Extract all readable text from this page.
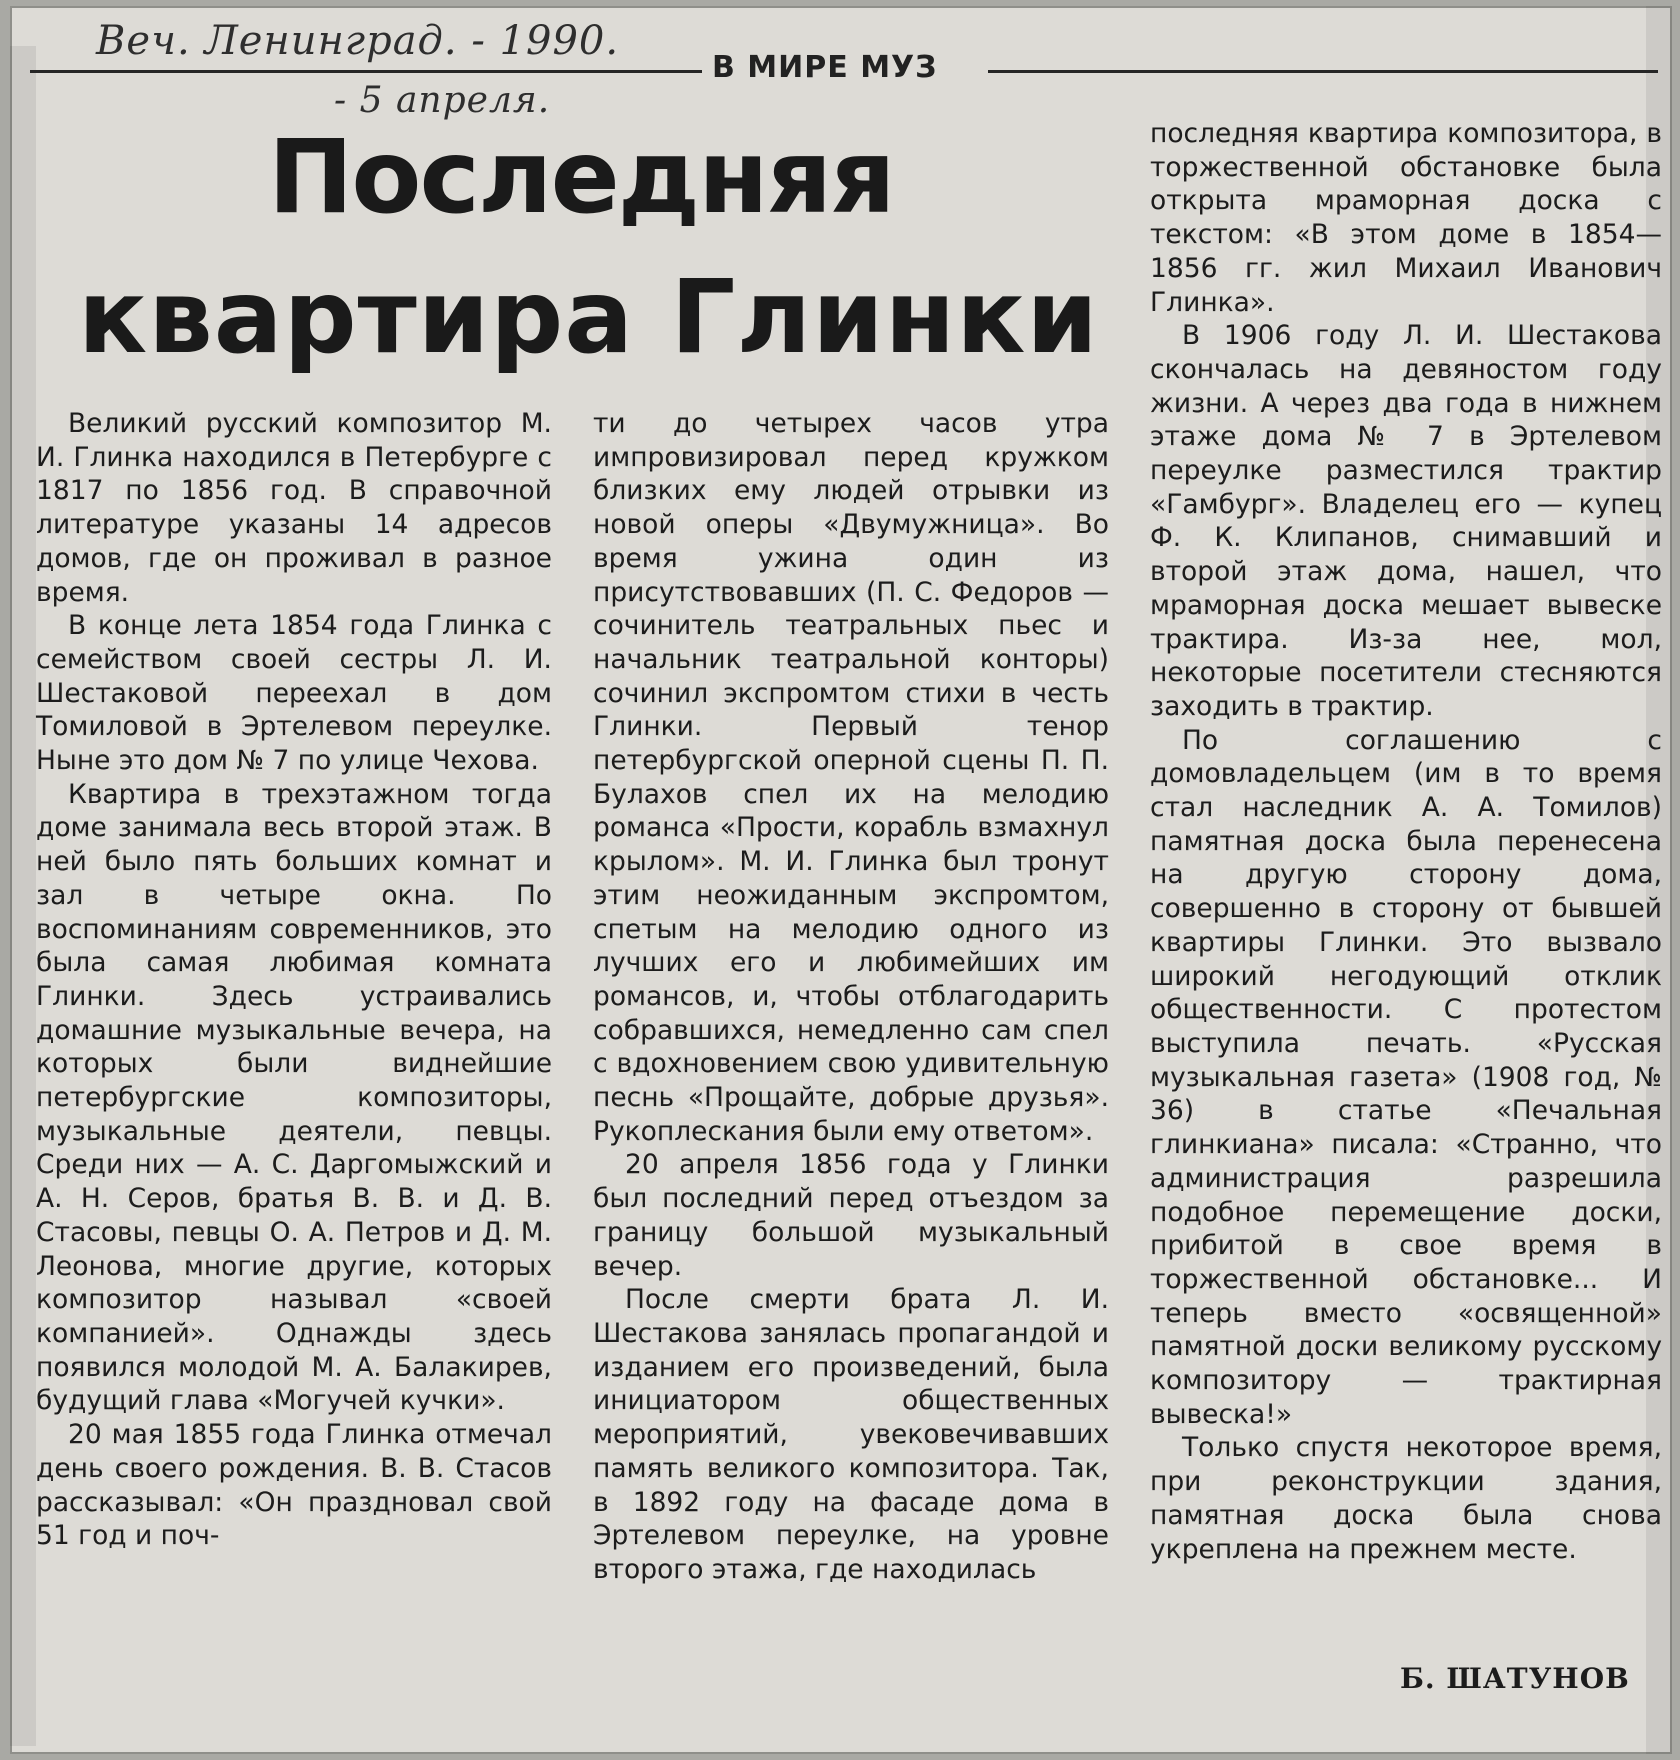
Веч. Ленинград. - 1990.
- 5 апреля.
В МИРЕ МУЗ
Последняя
квартира Глинки

Великий русский композитор М. И. Глинка находился в Петербурге с 1817 по 1856 год. В справочной литературе указаны 14 адресов домов, где он проживал в разное время.

В конце лета 1854 года Глинка с семейством своей сестры Л. И. Шестаковой переехал в дом Томиловой в Эртелевом переулке. Ныне это дом № 7 по улице Чехова.

Квартира в трехэтажном тогда доме занимала весь второй этаж. В ней было пять больших комнат и зал в четыре окна. По воспоминаниям современников, это была самая любимая комната Глинки. Здесь устраивались домашние музыкальные вечера, на которых были виднейшие петербургские композиторы, музыкальные деятели, певцы. Среди них — А. С. Даргомыжский и А. Н. Серов, братья В. В. и Д. В. Стасовы, певцы О. А. Петров и Д. М. Леонова, многие другие, которых композитор называл «своей компанией». Однажды здесь появился молодой М. А. Балакирев, будущий глава «Могучей кучки».

20 мая 1855 года Глинка отмечал день своего рождения. В. В. Стасов рассказывал: «Он праздновал свой 51 год и поч-

ти до четырех часов утра импровизировал перед кружком близких ему людей отрывки из новой оперы «Двумужница». Во время ужина один из присутствовавших (П. С. Федоров — сочинитель театральных пьес и начальник театральной конторы) сочинил экспромтом стихи в честь Глинки. Первый тенор петербургской оперной сцены П. П. Булахов спел их на мелодию романса «Прости, корабль взмахнул крылом». М. И. Глинка был тронут этим неожиданным экспромтом, спетым на мелодию одного из лучших его и любимейших им романсов, и, чтобы отблагодарить собравшихся, немедленно сам спел с вдохновением свою удивительную песнь «Прощайте, добрые друзья». Рукоплескания были ему ответом».

20 апреля 1856 года у Глинки был последний перед отъездом за границу большой музыкальный вечер.

После смерти брата Л. И. Шестакова занялась пропагандой и изданием его произведений, была инициатором общественных мероприятий, увековечивавших память великого композитора. Так, в 1892 году на фасаде дома в Эртелевом переулке, на уровне второго этажа, где находилась

последняя квартира композитора, в торжественной обстановке была открыта мраморная доска с текстом: «В этом доме в 1854—1856 гг. жил Михаил Иванович Глинка».

В 1906 году Л. И. Шестакова скончалась на девяностом году жизни. А через два года в нижнем этаже дома № 7 в Эртелевом переулке разместился трактир «Гамбург». Владелец его — купец Ф. К. Клипанов, снимавший и второй этаж дома, нашел, что мраморная доска мешает вывеске трактира. Из-за нее, мол, некоторые посетители стесняются заходить в трактир.

По соглашению с домовладельцем (им в то время стал наследник А. А. Томилов) памятная доска была перенесена на другую сторону дома, совершенно в сторону от бывшей квартиры Глинки. Это вызвало широкий негодующий отклик общественности. С протестом выступила печать. «Русская музыкальная газета» (1908 год, № 36) в статье «Печальная глинкиана» писала: «Странно, что администрация разрешила подобное перемещение доски, прибитой в свое время в торжественной обстановке... И теперь вместо «освященной» памятной доски великому русскому композитору — трактирная вывеска!»

Только спустя некоторое время, при реконструкции здания, памятная доска была снова укреплена на прежнем месте.

Б. ШАТУНОВ
